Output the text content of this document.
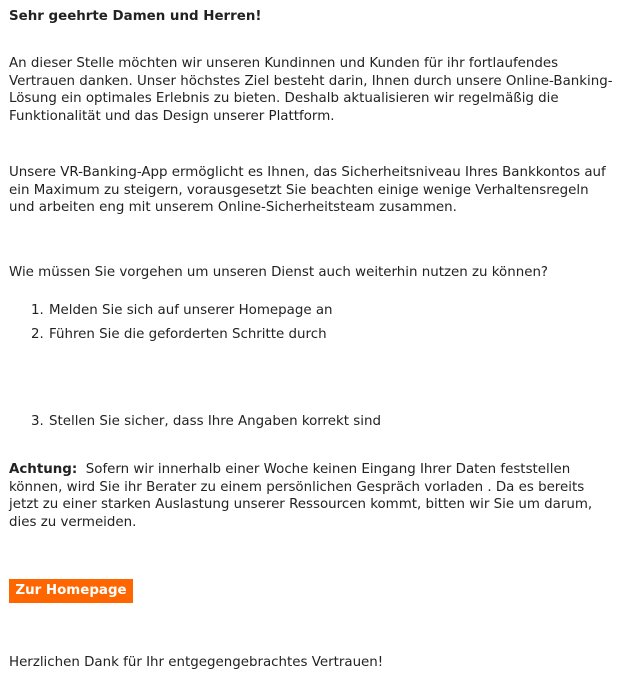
Sehr geehrte Damen und Herren!
An dieser Stelle möchten wir unseren Kundinnen und Kunden für ihr fortlaufendes Vertrauen danken. Unser höchstes Ziel besteht darin, Ihnen durch unsere Online-Banking-Lösung ein optimales Erlebnis zu bieten. Deshalb aktualisieren wir regelmäßig die Funktionalität und das Design unserer Plattform.
Unsere VR-Banking-App ermöglicht es Ihnen, das Sicherheitsniveau Ihres Bankkontos auf ein Maximum zu steigern, vorausgesetzt Sie beachten einige wenige Verhaltensregeln und arbeiten eng mit unserem Online-Sicherheitsteam zusammen.
Wie müssen Sie vorgehen um unseren Dienst auch weiterhin nutzen zu können?
1. Melden Sie sich auf unserer Homepage an
2. Führen Sie die geforderten Schritte durch
3. Stellen Sie sicher, dass Ihre Angaben korrekt sind
Achtung: Sofern wir innerhalb einer Woche keinen Eingang Ihrer Daten feststellen können, wird Sie ihr Berater zu einem persönlichen Gespräch vorladen . Da es bereits jetzt zu einer starken Auslastung unserer Ressourcen kommt, bitten wir Sie um darum, dies zu vermeiden.
Zur Homepage
Herzlichen Dank für Ihr entgegengebrachtes Vertrauen!
